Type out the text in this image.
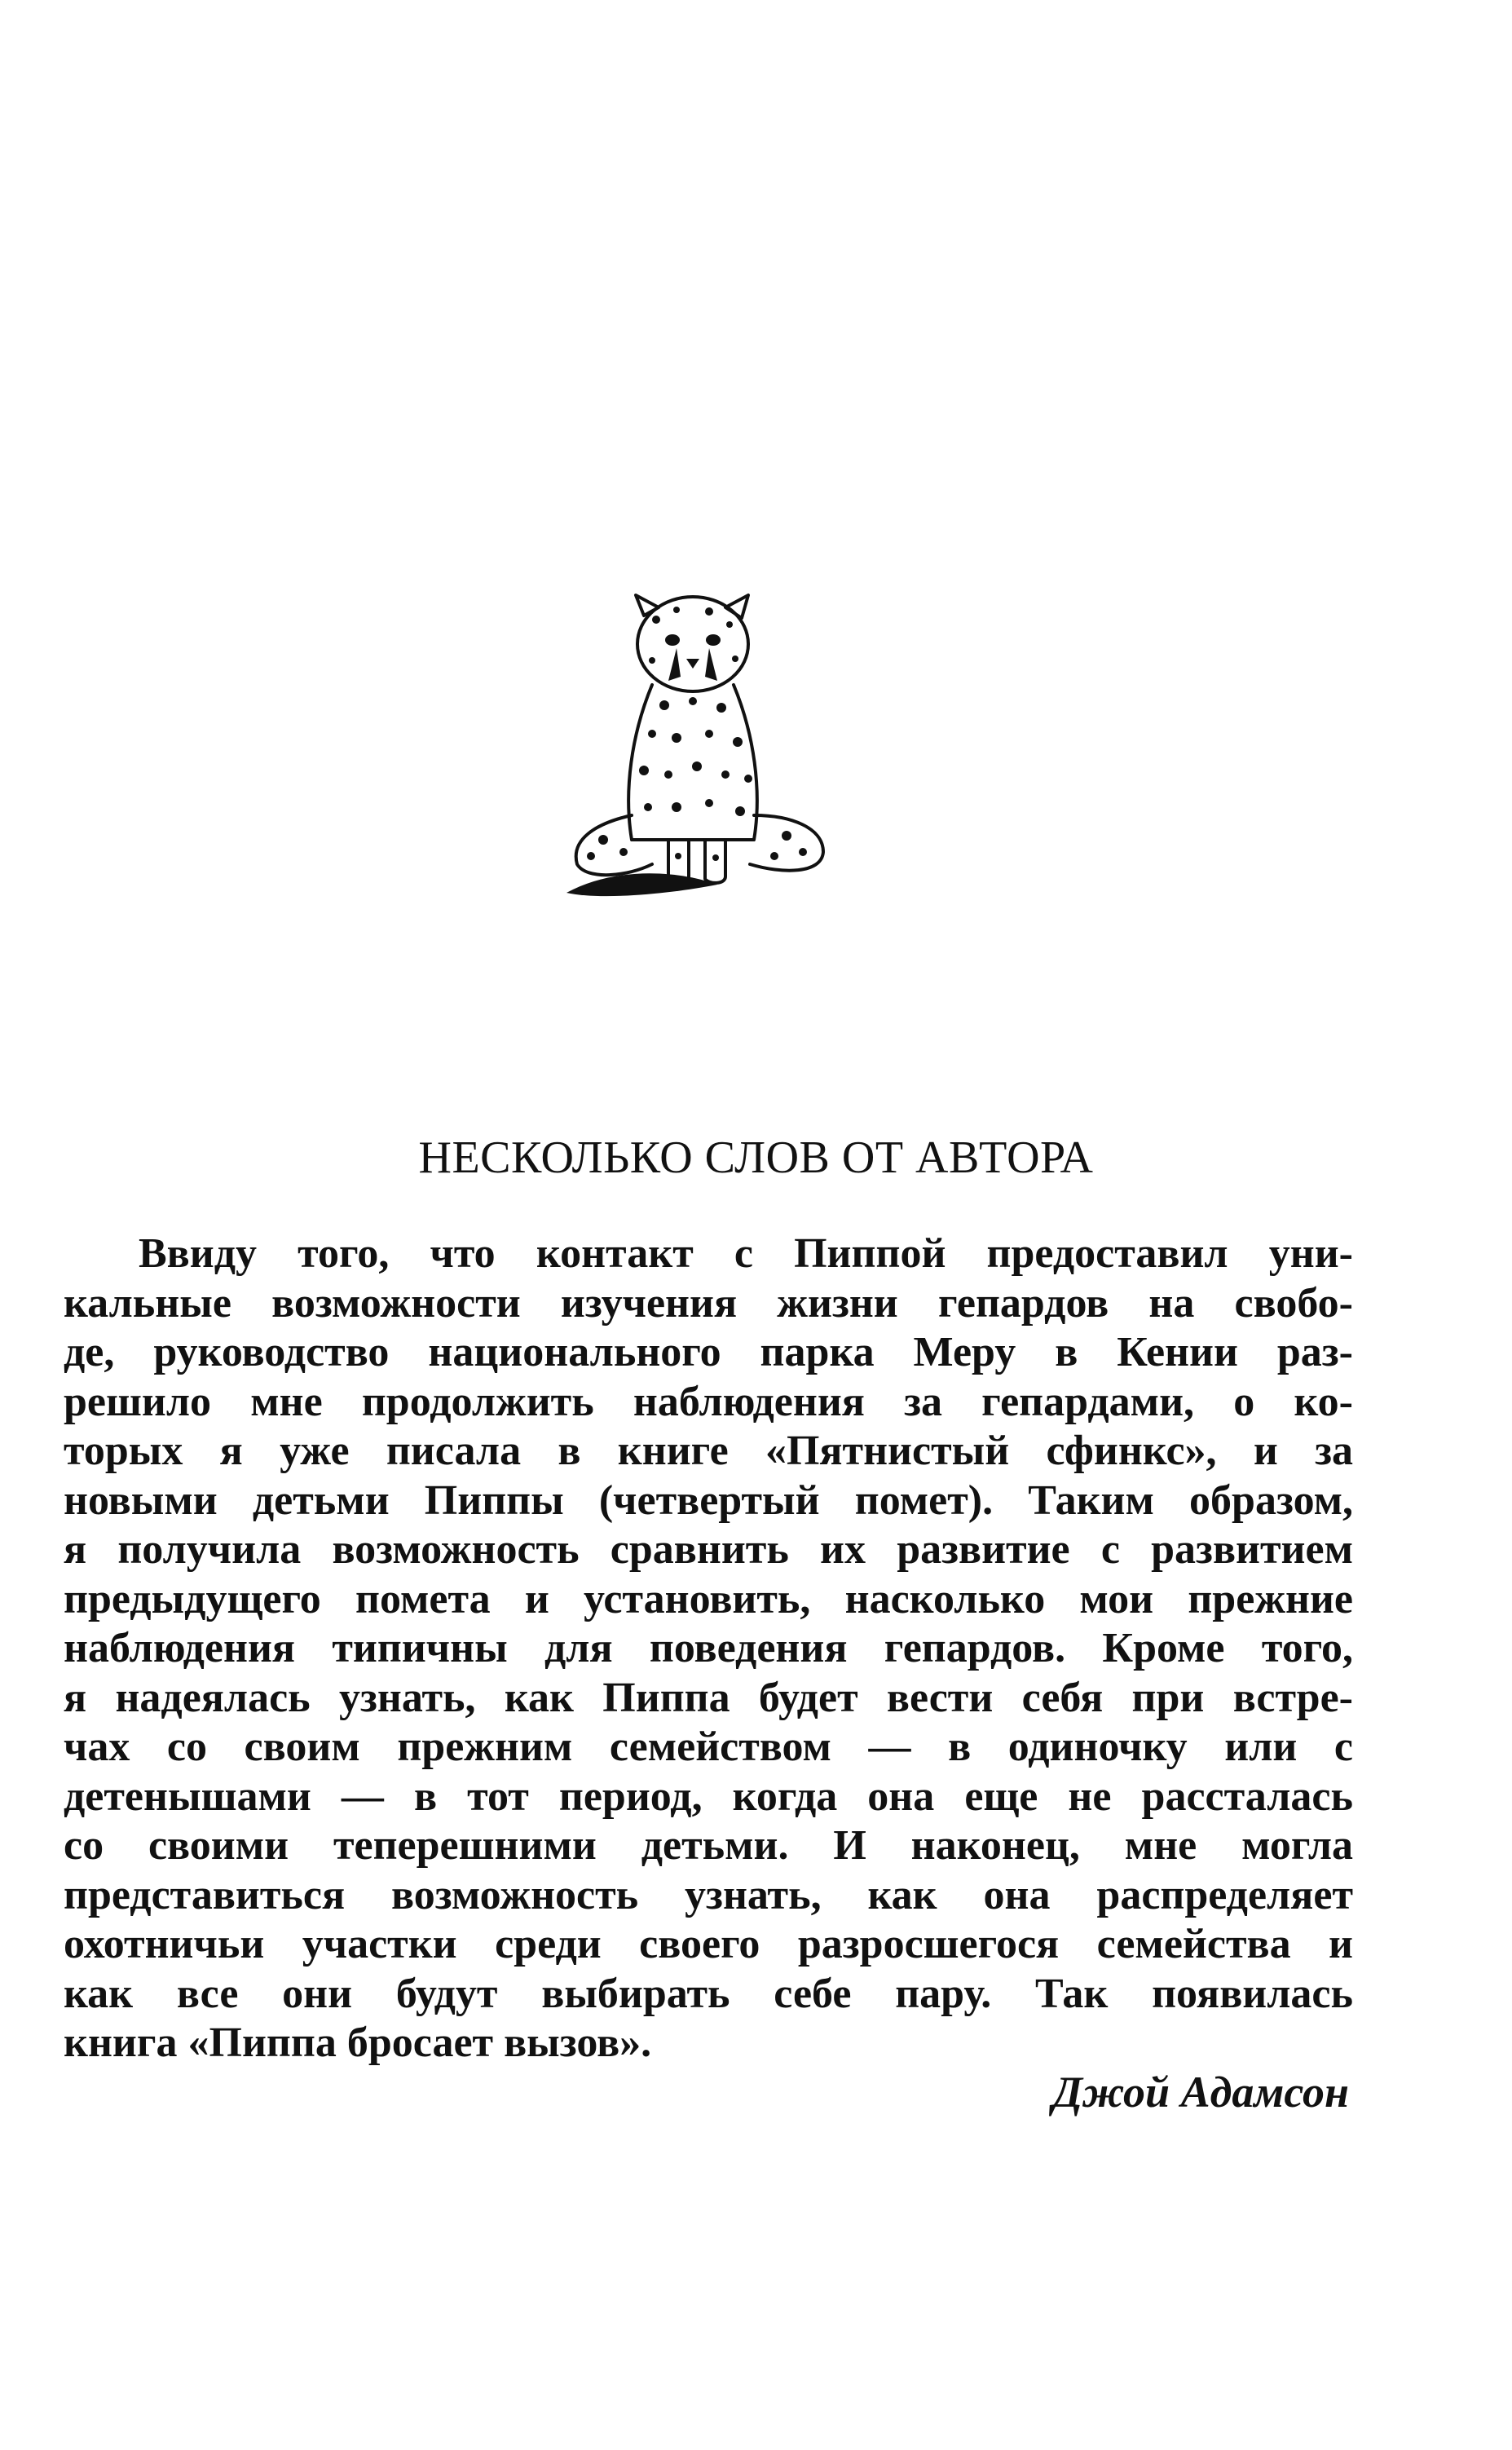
НЕСКОЛЬКО СЛОВ ОТ АВТОРА
Ввиду того, что контакт с Пиппой предоставил уни-
кальные возможности изучения жизни гепардов на свобо-
де, руководство национального парка Меру в Кении раз-
решило мне продолжить наблюдения за гепардами, о ко-
торых я уже писала в книге «Пятнистый сфинкс», и за
новыми детьми Пиппы (четвертый помет). Таким образом,
я получила возможность сравнить их развитие с развитием
предыдущего помета и установить, насколько мои прежние
наблюдения типичны для поведения гепардов. Кроме того,
я надеялась узнать, как Пиппа будет вести себя при встре-
чах со своим прежним семейством — в одиночку или с
детенышами — в тот период, когда она еще не рассталась
со своими теперешними детьми. И наконец, мне могла
представиться возможность узнать, как она распределяет
охотничьи участки среди своего разросшегося семейства и
как все они будут выбирать себе пару. Так появилась
книга «Пиппа бросает вызов».

Джой Адамсон
